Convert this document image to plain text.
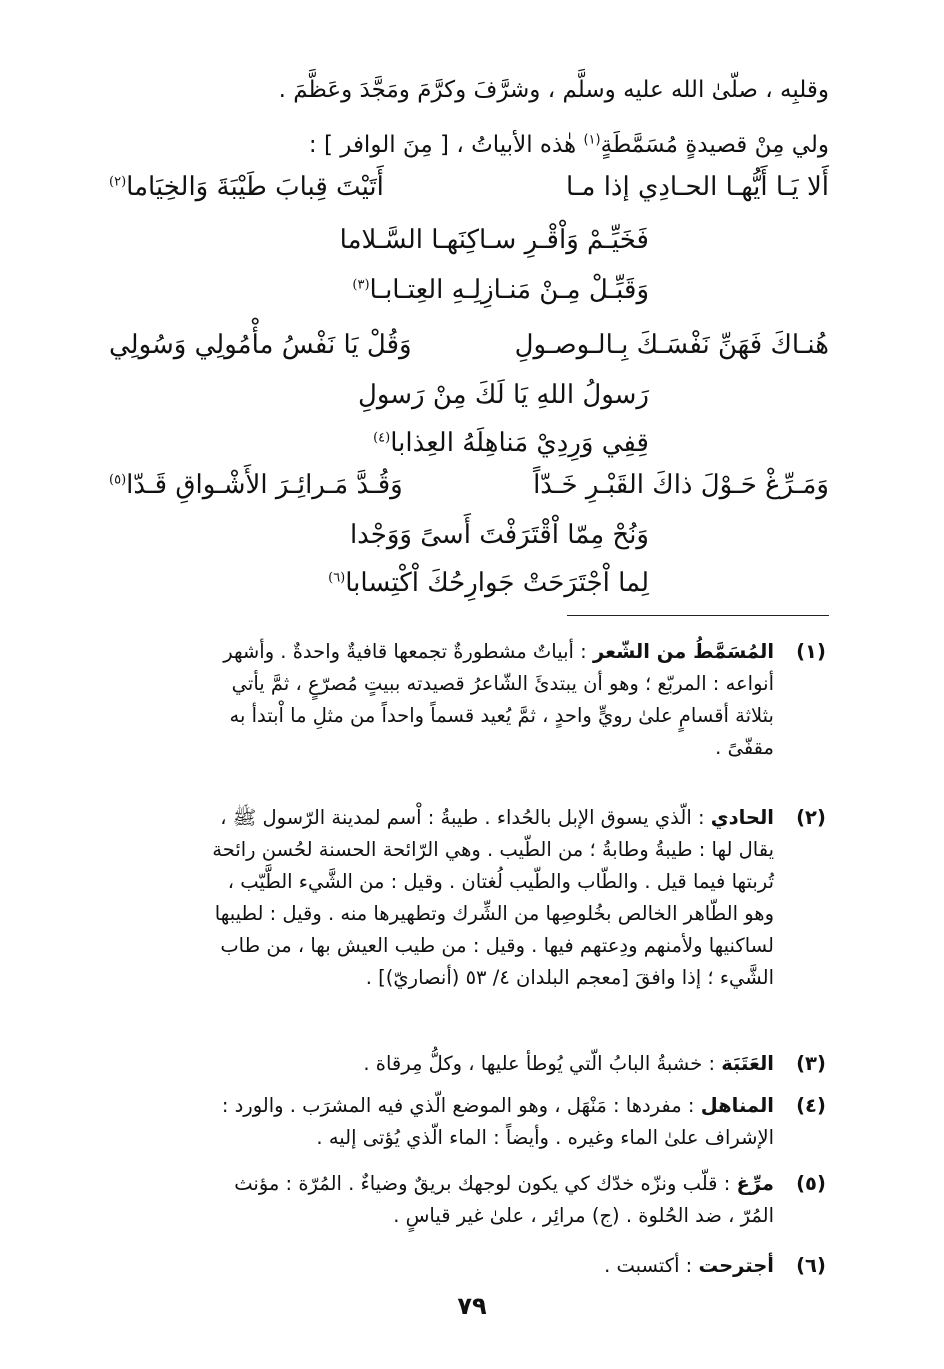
وقلبِه ، صلّىٰ الله عليه وسلَّم ، وشرَّفَ وكرَّمَ ومَجَّدَ وعَظَّمَ .
ولي مِنْ قصيدةٍ مُسَمَّطَةٍ$^{(١)}$ هٰذه الأبياتُ ، [ مِنَ الوافر ] :
أَلا يَـا أَيُّهـا الحـادِي إذا مـا
أَتَيْتَ قِبابَ طَيْبَةَ وَالخِيَاما$^{(٢)}$
فَخَيِّـمْ وَاْقْـرِ سـاكِنَهـا السَّـلاما
وَقَبِّـلْ مِـنْ مَنـازِلِـهِ العِتـابـا$^{(٣)}$
هُنـاكَ فَهَنِّ نَفْسَـكَ بِـالـوصـولِ
وَقُلْ يَا نَفْسُ مأْمُولِي وَسُولِي
رَسولُ اللهِ يَا لَكَ مِنْ رَسولِ
قِفِي وَرِدِيْ مَناهِلَهُ العِذابا$^{(٤)}$
وَمَـرِّغْ حَـوْلَ ذاكَ القَبْـرِ خَـدّاً
وَقُـدَّ مَـرائِـرَ الأَشْـواقِ قَـدّا$^{(٥)}$
وَنُحْ مِمّا اْقْتَرَفْتَ أَسىً وَوَجْدا
لِما اْجْتَرَحَتْ جَوارِحُكَ اْكْتِسابا$^{(٦)}$
(١)
المُسَمَّطُ من الشّعر : أبياتٌ مشطورةٌ تجمعها قافيةٌ واحدةٌ . وأشهر
أنواعه : المربّع ؛ وهو أن يبتدئَ الشّاعرُ قصيدته ببيتٍ مُصرّعٍ ، ثمَّ يأتي
بثلاثة أقسامٍ علىٰ رويٍّ واحدٍ ، ثمَّ يُعيد قسماً واحداً من مثلِ ما اْبتدأ به
مقفّىً .
(٢)
الحادي : الّذي يسوق الإبل بالحُداء . طيبةُ : اْسم لمدينة الرّسول ﷺ ،
يقال لها : طيبةُ وطابةُ ؛ من الطّيب . وهي الرّائحة الحسنة لحُسن رائحة
تُربتها فيما قيل . والطّاب والطّيب لُغتان . وقيل : من الشَّيء الطَّيّب ،
وهو الطّاهر الخالص بخُلوصِها من الشِّرك وتطهيرها منه . وقيل : لطيبها
لساكنيها ولأمنهم ودِعتهم فيها . وقيل : من طيب العيش بها ، من طاب
الشَّيء ؛ إذا وافقَ [معجم البلدان ٤/ ٥٣ (أنصاريّ)] .
(٣)
العَتَبَة : خشبةُ البابُ الّتي يُوطأ عليها ، وكلُّ مِرقاة .
(٤)
المناهل : مفردها : مَنْهَل ، وهو الموضع الّذي فيه المشرَب . والورد :
الإشراف علىٰ الماء وغيره . وأيضاً : الماء الّذي يُؤتى إليه .
(٥)
مرِّغ : قلّب ونزّه خدّك كي يكون لوجهك بريقٌ وضياءٌ . المُرّة : مؤنث
المُرّ ، ضد الحُلوة . (ج) مرائِر ، علىٰ غير قياسٍ .
(٦)
أجترحت : أكتسبت .
٧٩
